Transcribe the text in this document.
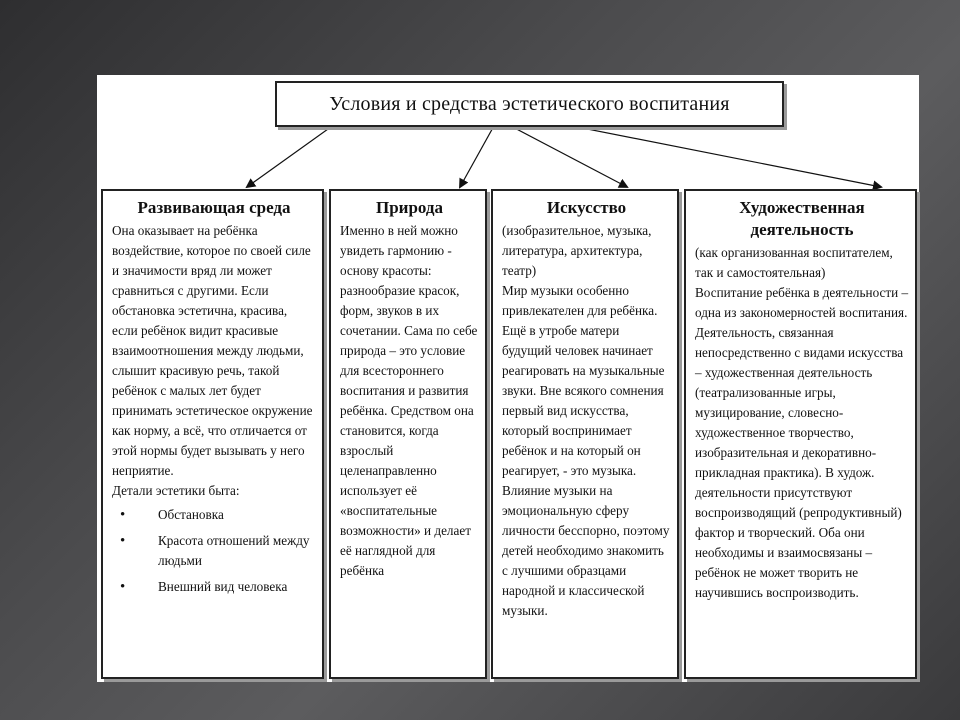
Условия и средства эстетического воспитания
Развивающая среда

Она оказывает на ребёнка воздействие, которое по своей силе и значимости вряд ли может сравниться с другими. Если обстановка эстетична, красива, если ребёнок видит красивые взаимоотношения между людьми, слышит красивую речь, такой ребёнок с малых лет будет принимать эстетическое окружение как норму, а всё, что отличается от этой нормы будет вызывать у него неприятие.

Детали эстетики быта:

• Обстановка
• Красота отношений между людьми
• Внешний вид человека
Природа

Именно в ней можно увидеть гармонию - основу красоты: разнообразие красок, форм, звуков в их сочетании. Сама по себе природа – это условие для всестороннего воспитания и развития ребёнка. Средством она становится, когда взрослый целенаправленно использует её «воспитательные возможности» и делает её наглядной для ребёнка

Искусство

(изобразительное, музыка, литература, архитектура, театр)

Мир музыки особенно привлекателен для ребёнка. Ещё в утробе матери будущий человек начинает реагировать на музыкальные звуки. Вне всякого сомнения первый вид искусства, который воспринимает ребёнок и на который он реагирует, - это музыка. Влияние музыки на эмоциональную сферу личности бесспорно, поэтому детей необходимо знакомить с лучшими образцами народной и классической музыки.

Художественная деятельность

(как организованная воспитателем, так и самостоятельная)

Воспитание ребёнка в деятельности – одна из закономерностей воспитания. Деятельность, связанная непосредственно с видами искусства – художественная деятельность (театрализованные игры, музицирование, словесно-художественное творчество, изобразительная и декоративно-прикладная практика). В худож. деятельности присутствуют воспроизводящий (репродуктивный) фактор и творческий. Оба они необходимы и взаимосвязаны – ребёнок не может творить не научившись воспроизводить.
